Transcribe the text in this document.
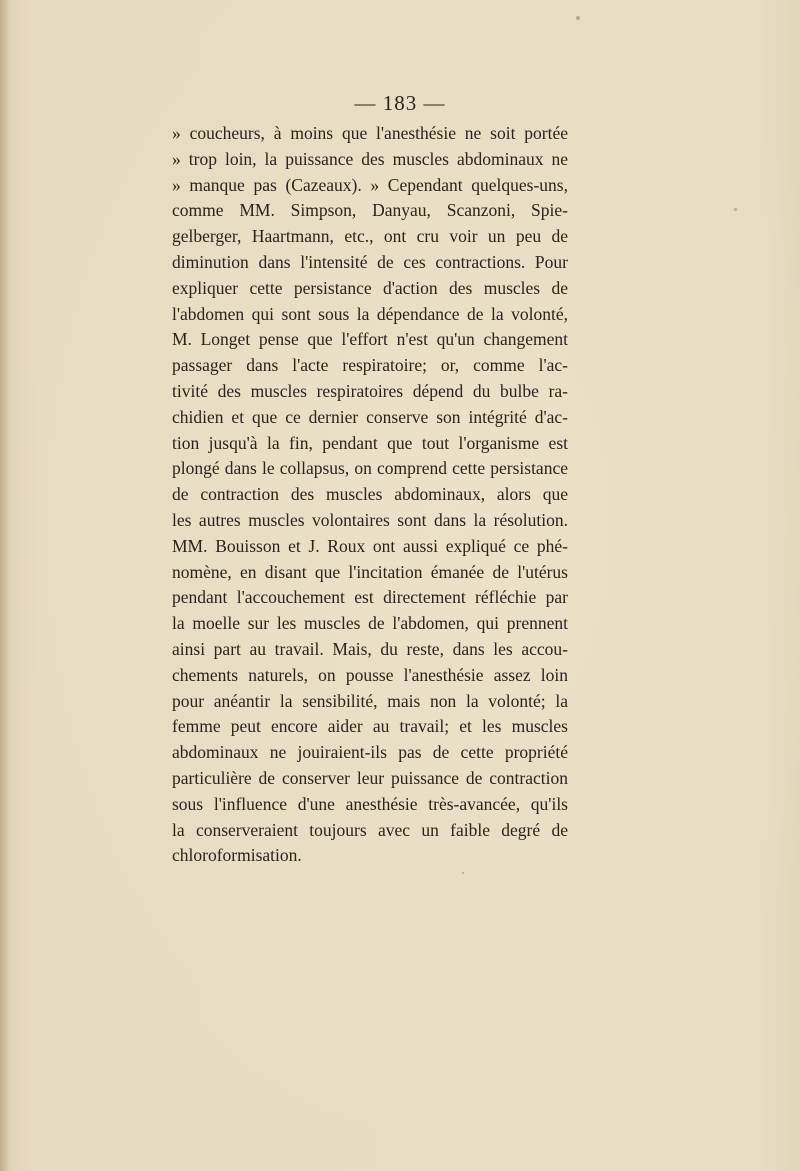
— 183 —
» coucheurs, à moins que l'anesthésie ne soit portée
» trop loin, la puissance des muscles abdominaux ne
» manque pas (Cazeaux). » Cependant quelques-uns,
comme MM. Simpson, Danyau, Scanzoni, Spie-
gelberger, Haartmann, etc., ont cru voir un peu de
diminution dans l'intensité de ces contractions. Pour
expliquer cette persistance d'action des muscles de
l'abdomen qui sont sous la dépendance de la volonté,
M. Longet pense que l'effort n'est qu'un changement
passager dans l'acte respiratoire; or, comme l'ac-
tivité des muscles respiratoires dépend du bulbe ra-
chidien et que ce dernier conserve son intégrité d'ac-
tion jusqu'à la fin, pendant que tout l'organisme est
plongé dans le collapsus, on comprend cette persistance
de contraction des muscles abdominaux, alors que
les autres muscles volontaires sont dans la résolution.
MM. Bouisson et J. Roux ont aussi expliqué ce phé-
nomène, en disant que l'incitation émanée de l'utérus
pendant l'accouchement est directement réfléchie par
la moelle sur les muscles de l'abdomen, qui prennent
ainsi part au travail. Mais, du reste, dans les accou-
chements naturels, on pousse l'anesthésie assez loin
pour anéantir la sensibilité, mais non la volonté; la
femme peut encore aider au travail; et les muscles
abdominaux ne jouiraient-ils pas de cette propriété
particulière de conserver leur puissance de contraction
sous l'influence d'une anesthésie très-avancée, qu'ils
la conserveraient toujours avec un faible degré de
chloroformisation.
